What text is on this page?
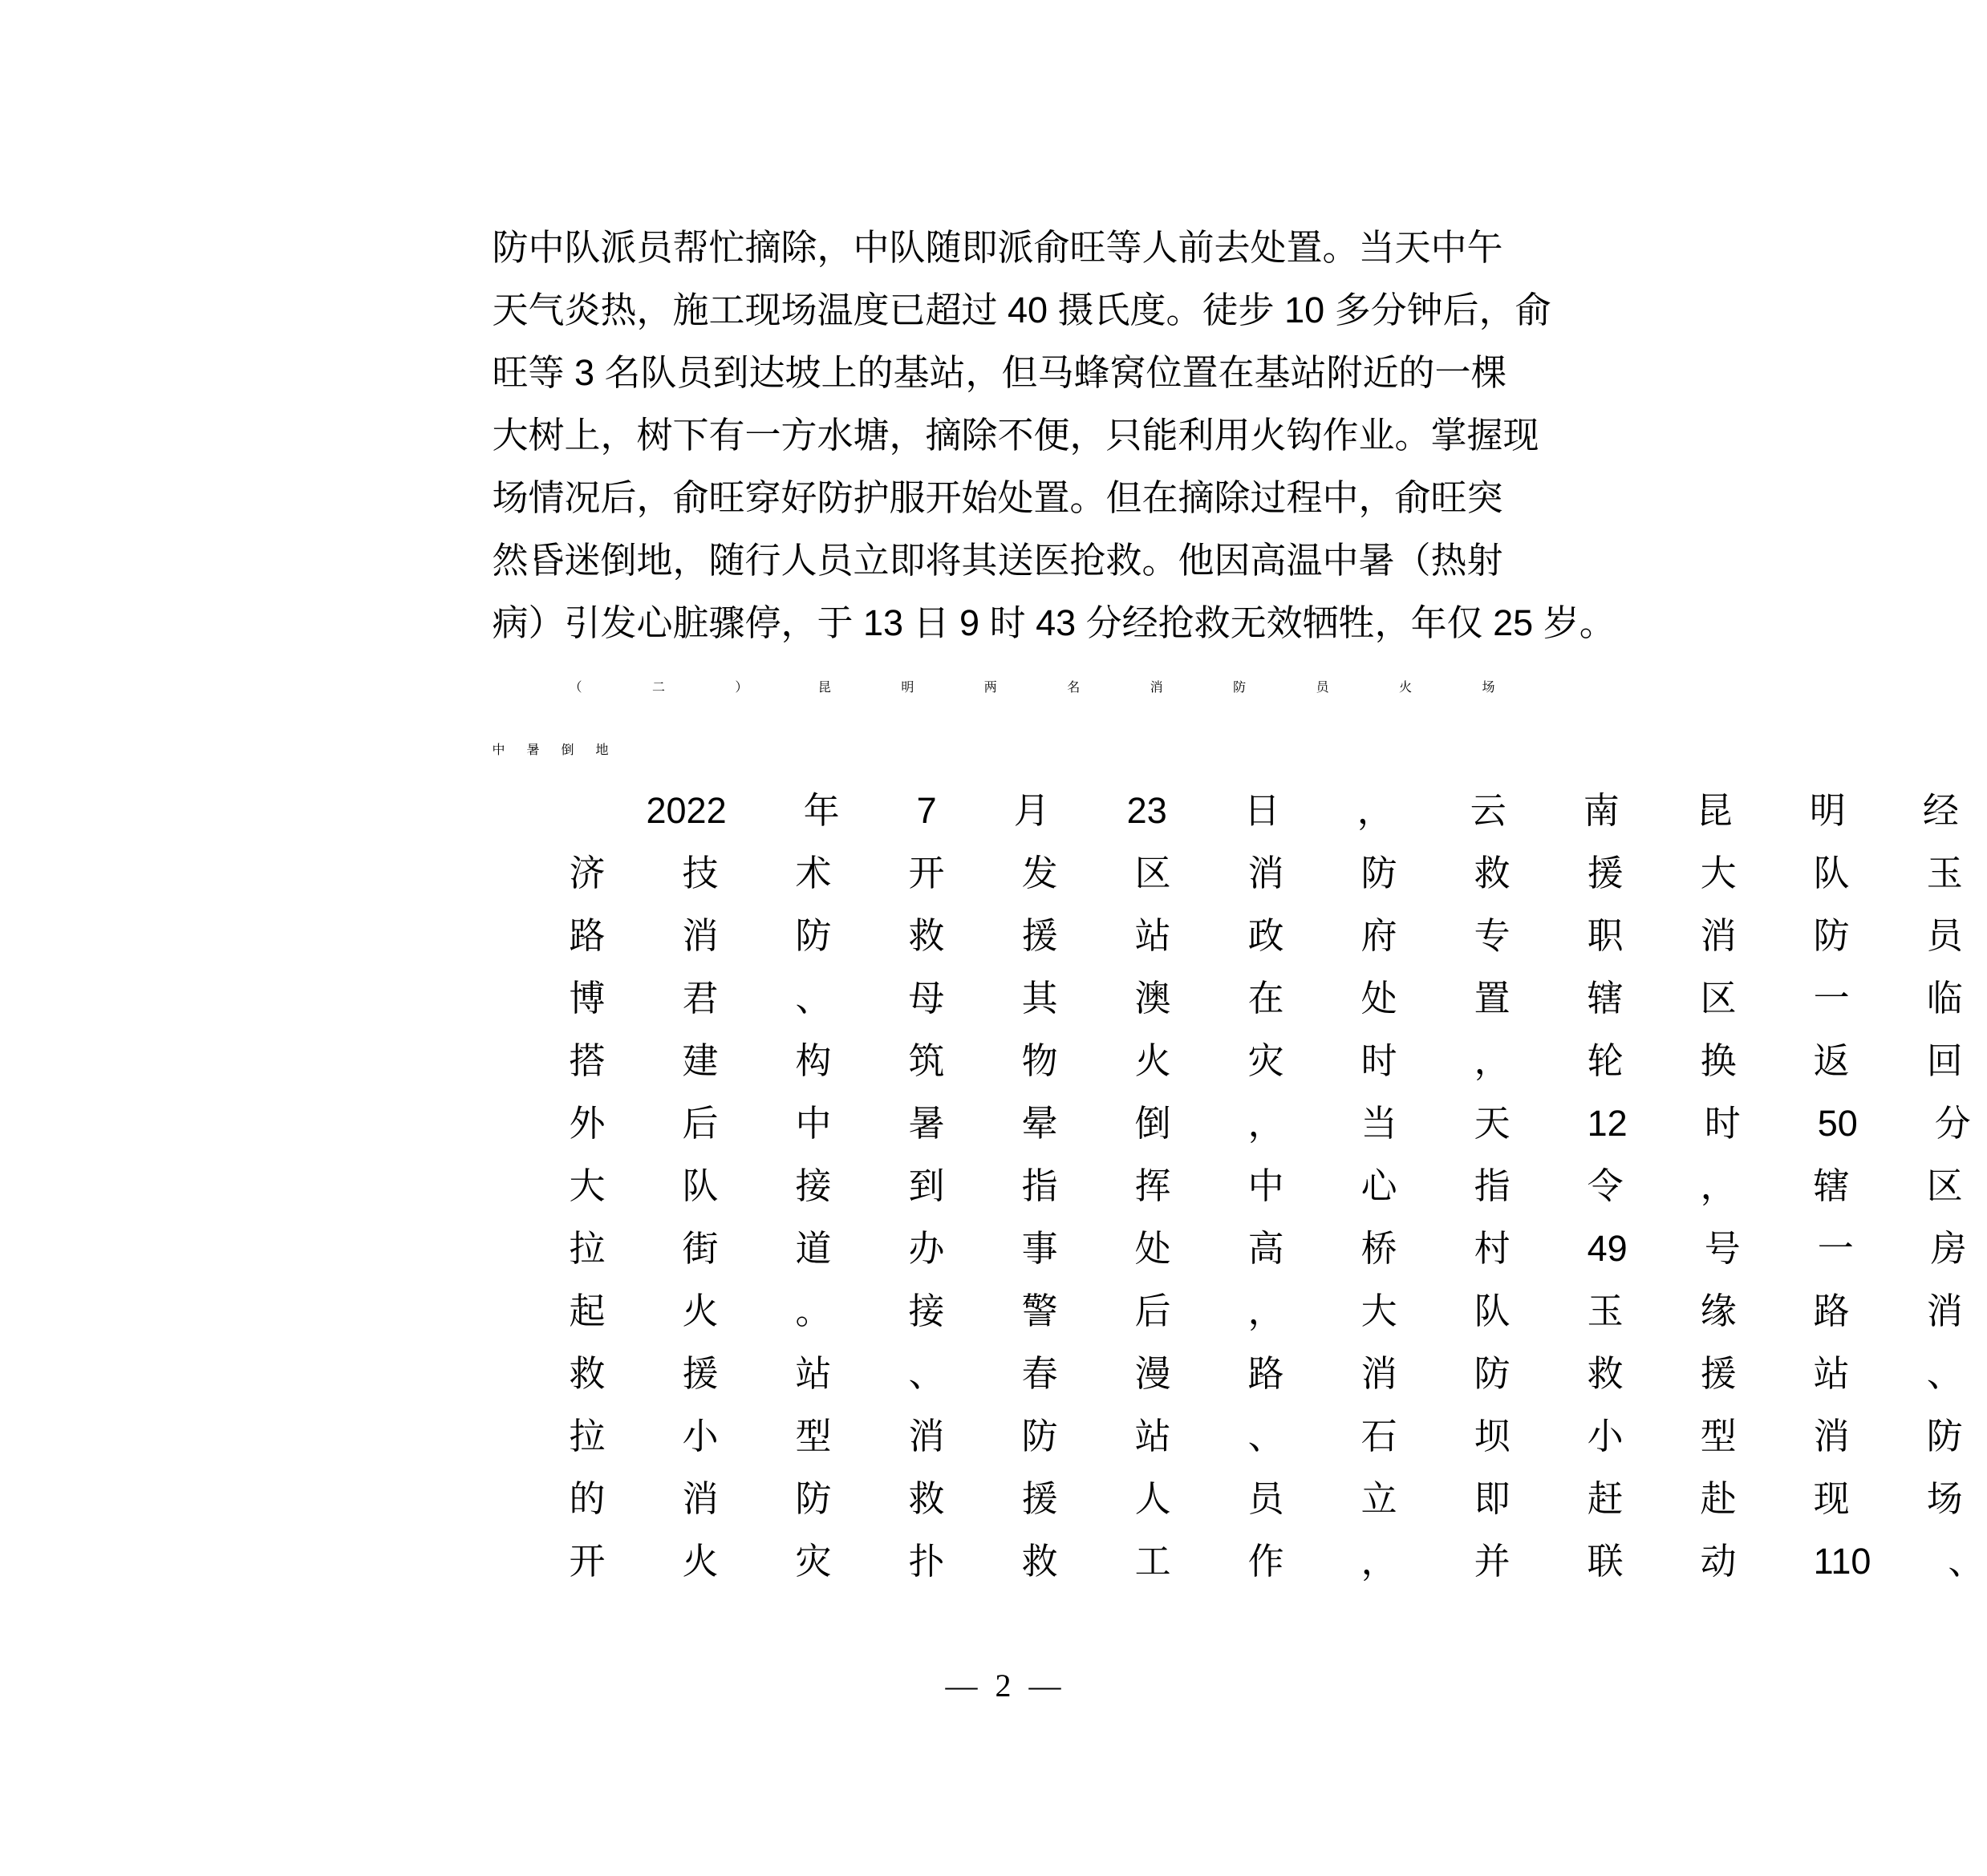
防中队派员帮忙摘除，中队随即派俞旺等人前去处置。当天中午
天气炎热，施工现场温度已超过 40 摄氏度。徒步 10 多分钟后，俞
旺等 3 名队员到达坡上的基站，但马蜂窝位置在基站附近的一棵
大树上，树下有一方水塘，摘除不便，只能利用火钩作业。掌握现
场情况后，俞旺穿好防护服开始处置。但在摘除过程中，俞旺突
然昏迷倒地，随行人员立即将其送医抢救。他因高温中暑（热射
病）引发心脏骤停，于 13 日 9 时 43 分经抢救无效牺牲，年仅 25 岁。
（	二	）	昆	明	两	名	消	防	员	火	场
中 暑 倒 地
2022	年	7	月	23	日	，	云	南	昆	明	经
济	技	术	开	发	区	消	防	救	援	大	队	玉
路	消	防	救	援	站	政	府	专	职	消	防	员
博	君	、	母	其	澳	在	处	置	辖	区	一	临
搭	建	构	筑	物	火	灾	时	，	轮	换	返	回
外	后	中	暑	晕	倒	，	当	天	12	时	50	分
大	队	接	到	指	挥	中	心	指	令	，	辖	区
拉	街	道	办	事	处	高	桥	村	49	号	一	房
起	火	。	接	警	后	，	大	队	玉	缘	路	消
救	援	站	、	春	漫	路	消	防	救	援	站	、
拉	小	型	消	防	站	、	石	坝	小	型	消	防
的	消	防	救	援	人	员	立	即	赶	赴	现	场
开	火	灾	扑	救	工	作	，	并	联	动	110	、
— 2 —
